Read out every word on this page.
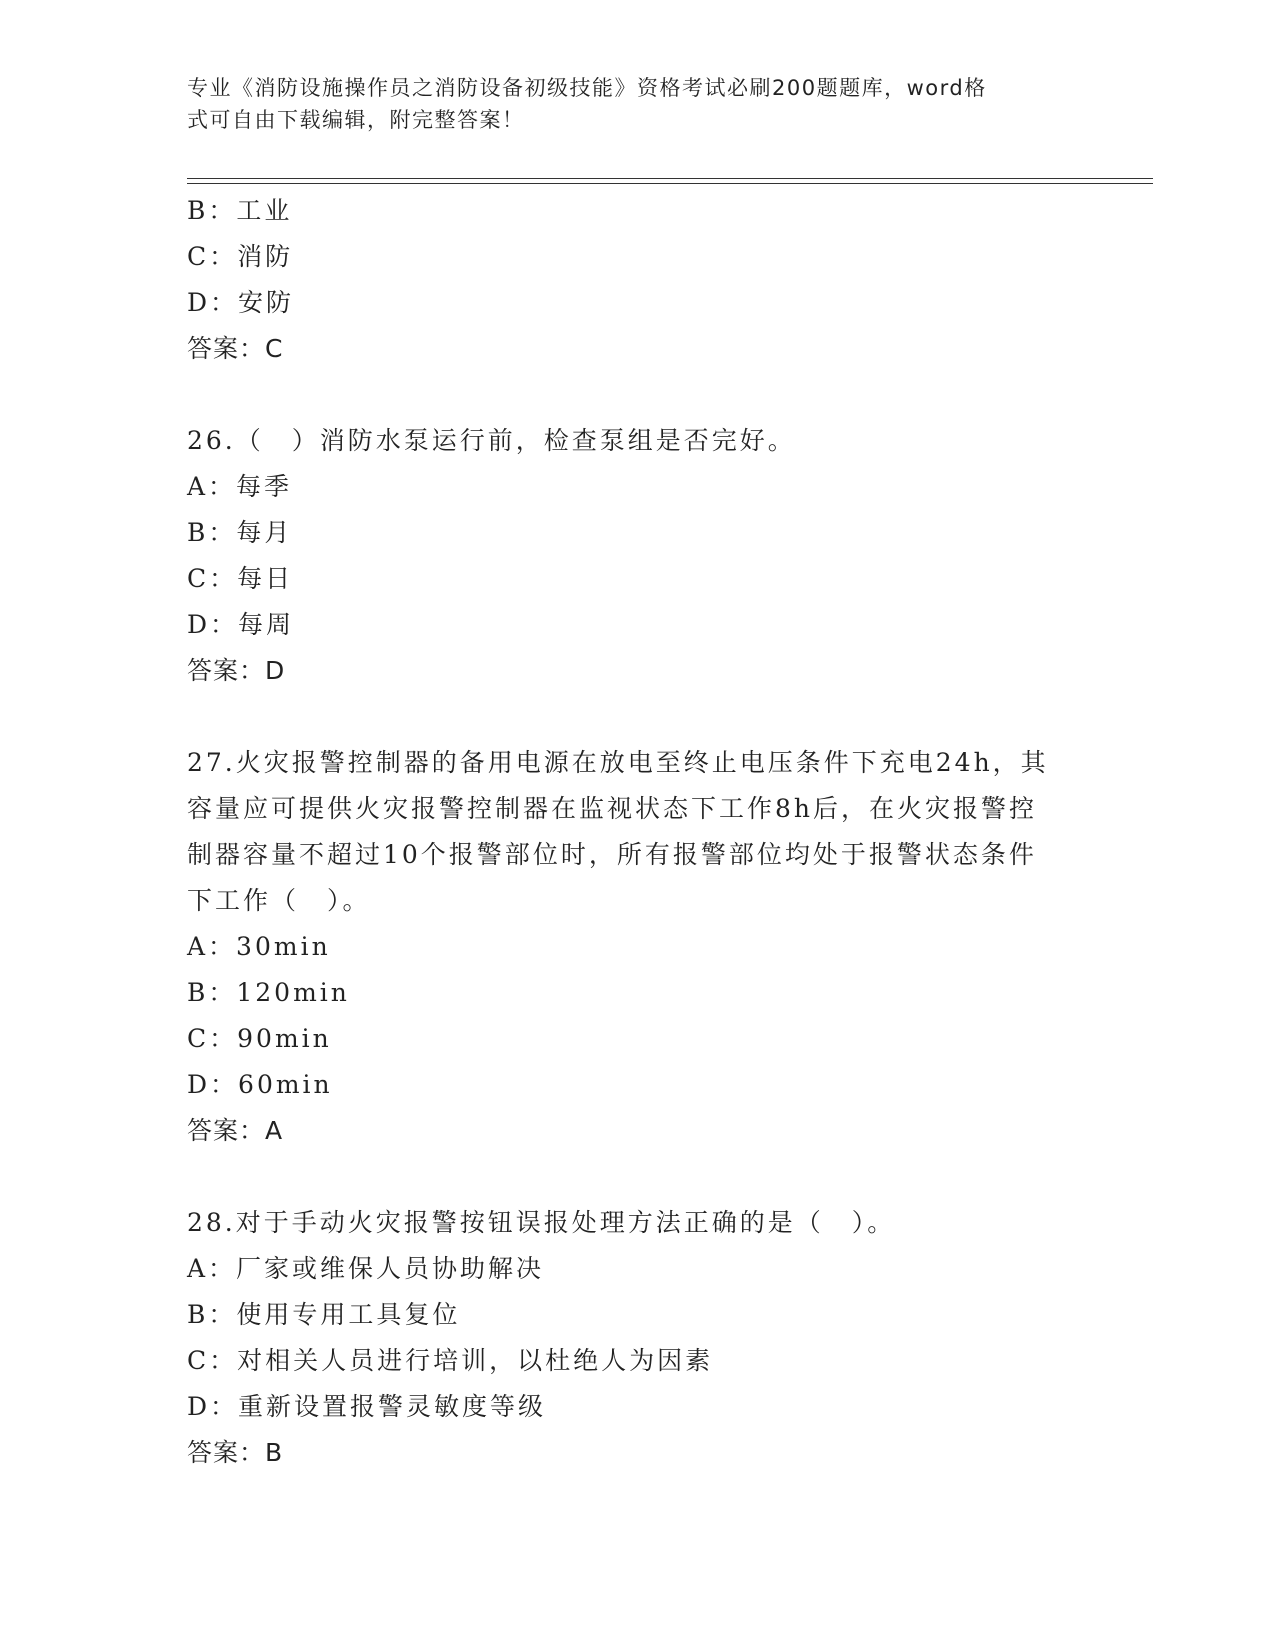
专业《消防设施操作员之消防设备初级技能》资格考试必刷200题题库，word格
式可自由下载编辑，附完整答案！
B：工业
C：消防
D：安防
答案：C
26.（　）消防水泵运行前，检查泵组是否完好。
A：每季
B：每月
C：每日
D：每周
答案：D
27.火灾报警控制器的备用电源在放电至终止电压条件下充电24h，其
容量应可提供火灾报警控制器在监视状态下工作8h后，在火灾报警控
制器容量不超过10个报警部位时，所有报警部位均处于报警状态条件
下工作（　）。
A：30min
B：120min
C：90min
D：60min
答案：A
28.对于手动火灾报警按钮误报处理方法正确的是（　）。
A：厂家或维保人员协助解决
B：使用专用工具复位
C：对相关人员进行培训，以杜绝人为因素
D：重新设置报警灵敏度等级
答案：B
